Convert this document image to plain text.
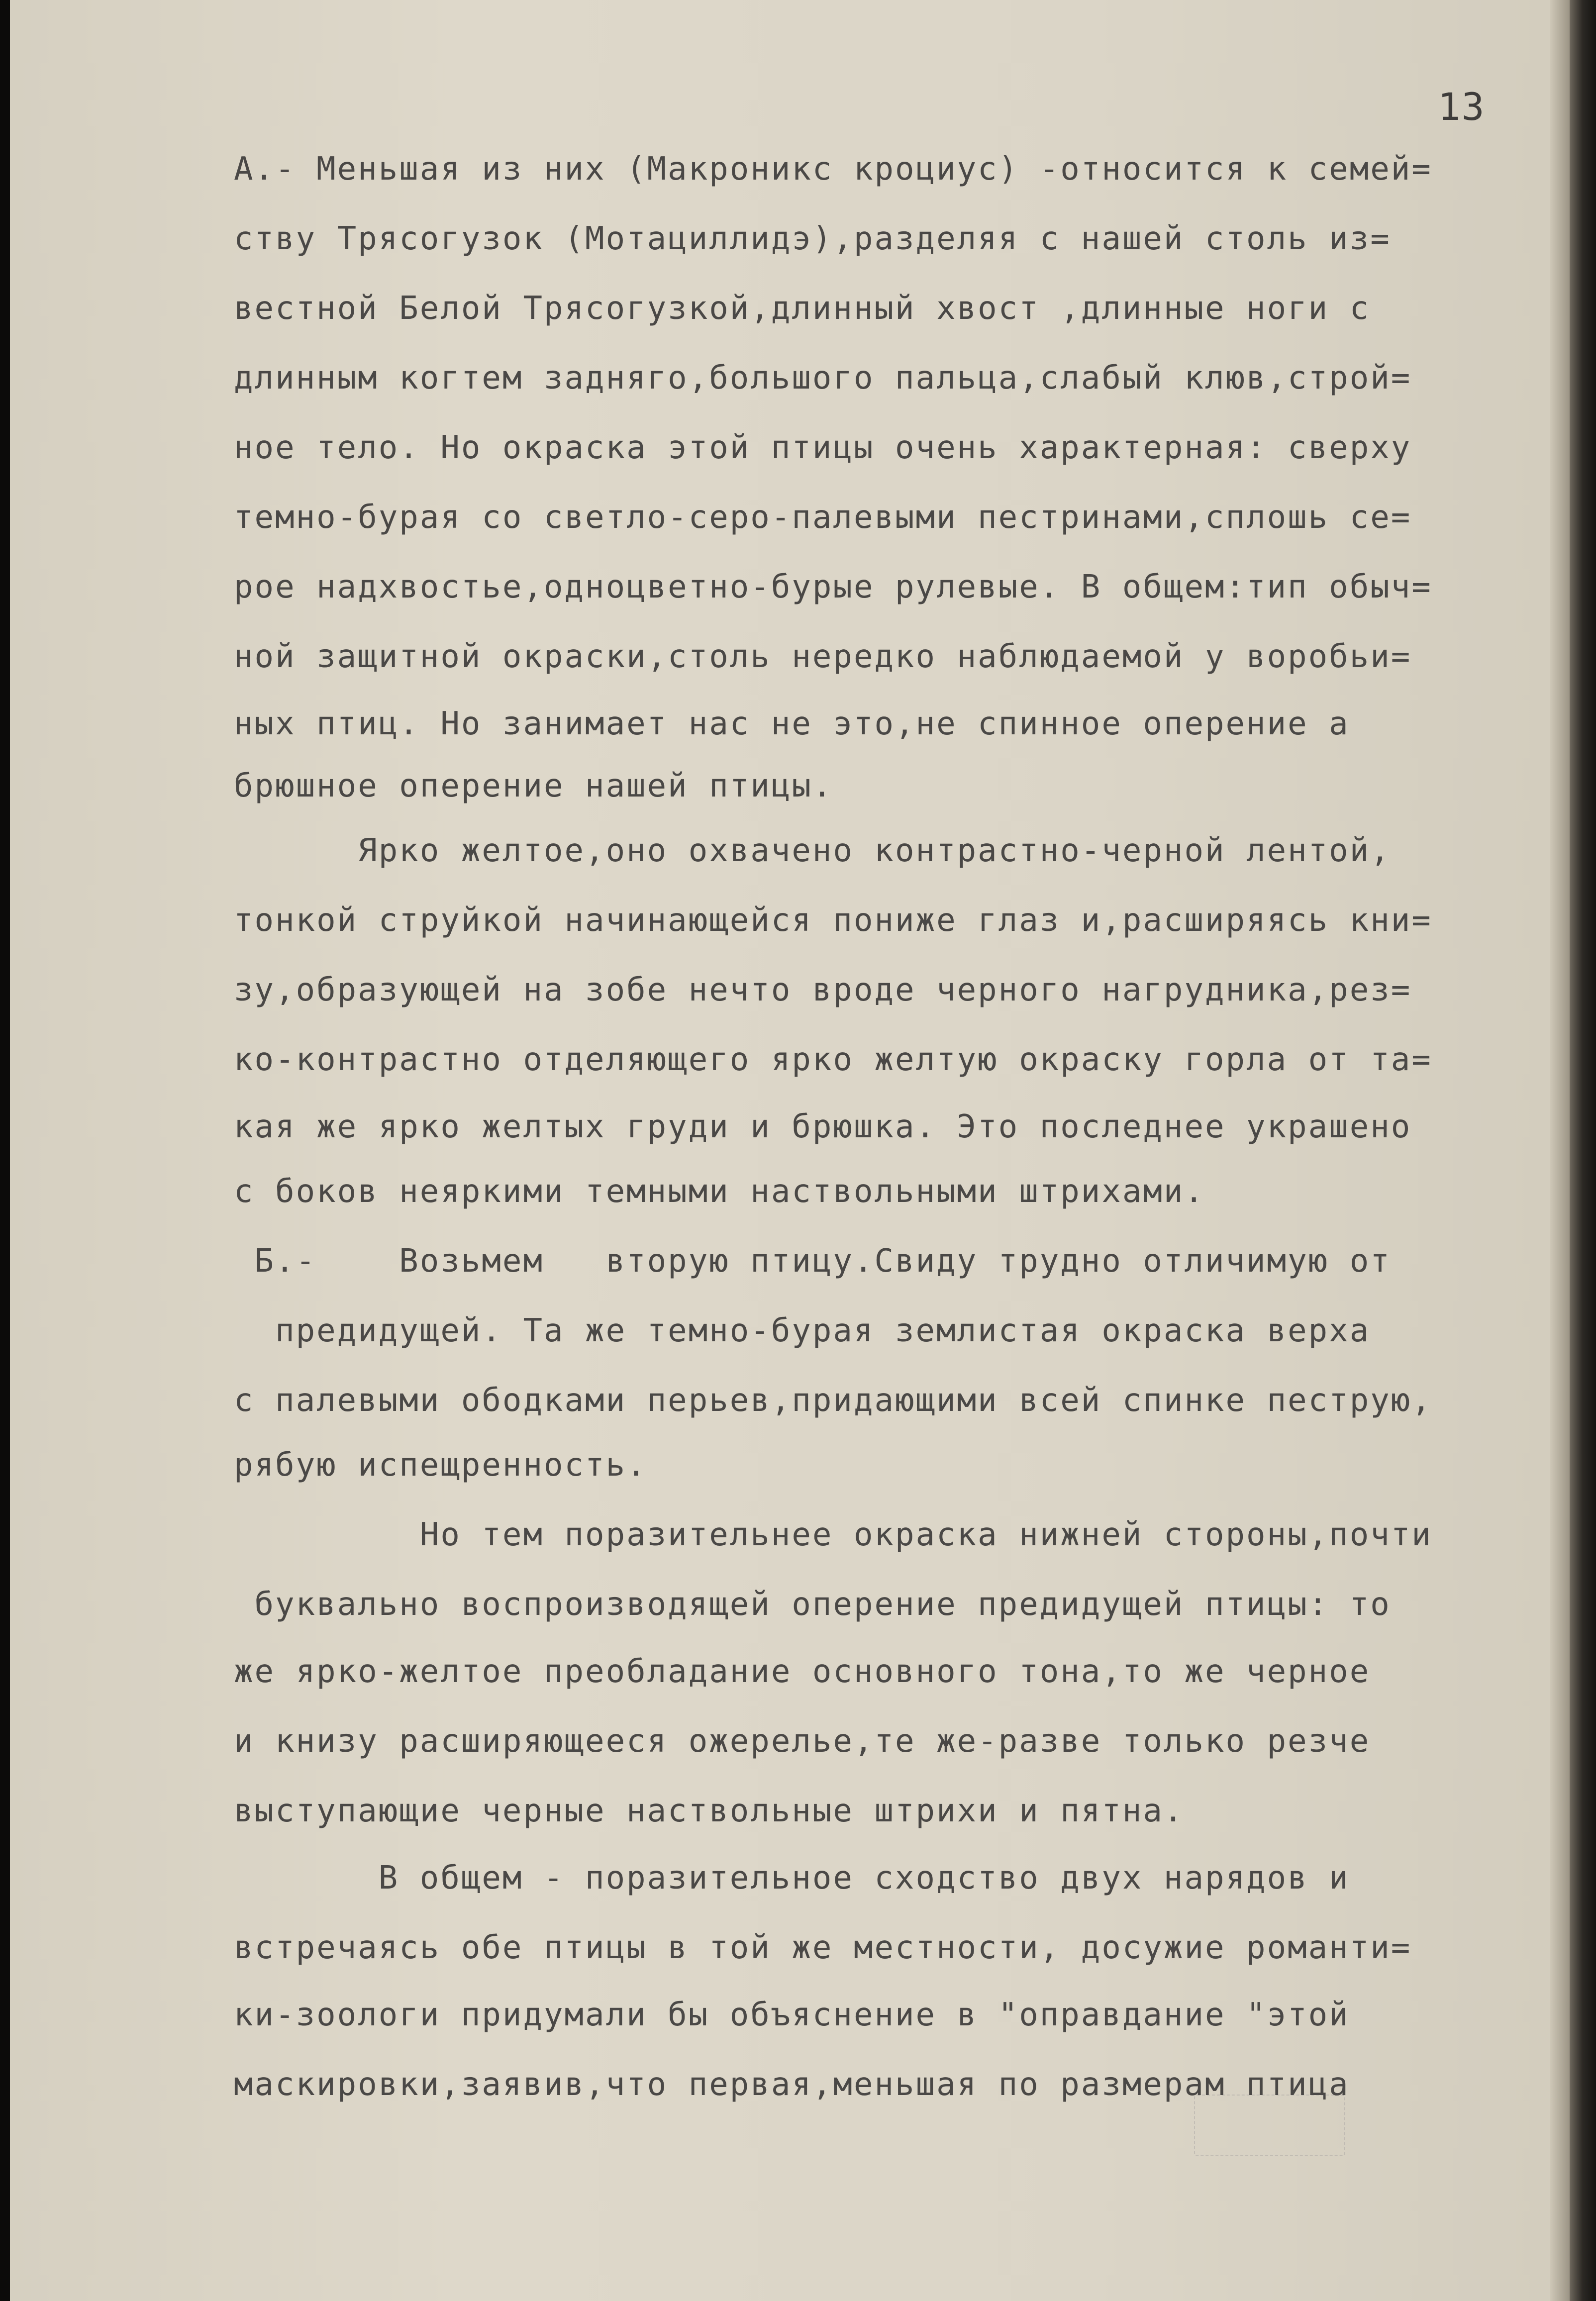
13
А.- Меньшая из них (Макроникс кроциус) -относится к семей=
ству Трясогузок (Мотациллидэ),разделяя с нашей столь из=
вестной Белой Трясогузкой,длинный хвост ,длинные ноги с
длинным когтем задняго,большого пальца,слабый клюв,строй=
ное тело. Но окраска этой птицы очень характерная: сверху
темно-бурая со светло-серо-палевыми пестринами,сплошь се=
рое надхвостье,одноцветно-бурые рулевые. В общем:тип обыч=
ной защитной окраски,столь нередко наблюдаемой у воробьи=
ных птиц. Но занимает нас не это,не спинное оперение а
брюшное оперение нашей птицы.
Ярко желтое,оно охвачено контрастно-черной лентой,
тонкой струйкой начинающейся пониже глаз и,расширяясь кни=
зу,образующей на зобе нечто вроде черного нагрудника,рез=
ко-контрастно отделяющего ярко желтую окраску горла от та=
кая же ярко желтых груди и брюшка. Это последнее украшено
с боков неяркими темными наствольными штрихами.
Б.-    Возьмем   вторую птицу.Свиду трудно отличимую от
предидущей. Та же темно-бурая землистая окраска верха
с палевыми ободками перьев,придающими всей спинке пеструю,
рябую испещренность.
Но тем поразительнее окраска нижней стороны,почти
буквально воспроизводящей оперение предидущей птицы: то
же ярко-желтое преобладание основного тона,то же черное
и книзу расширяющееся ожерелье,те же-разве только резче
выступающие черные наствольные штрихи и пятна.
В общем - поразительное сходство двух нарядов и
встречаясь обе птицы в той же местности, досужие романти=
ки-зоологи придумали бы объяснение в "оправдание "этой
маскировки,заявив,что первая,меньшая по размерам птица
